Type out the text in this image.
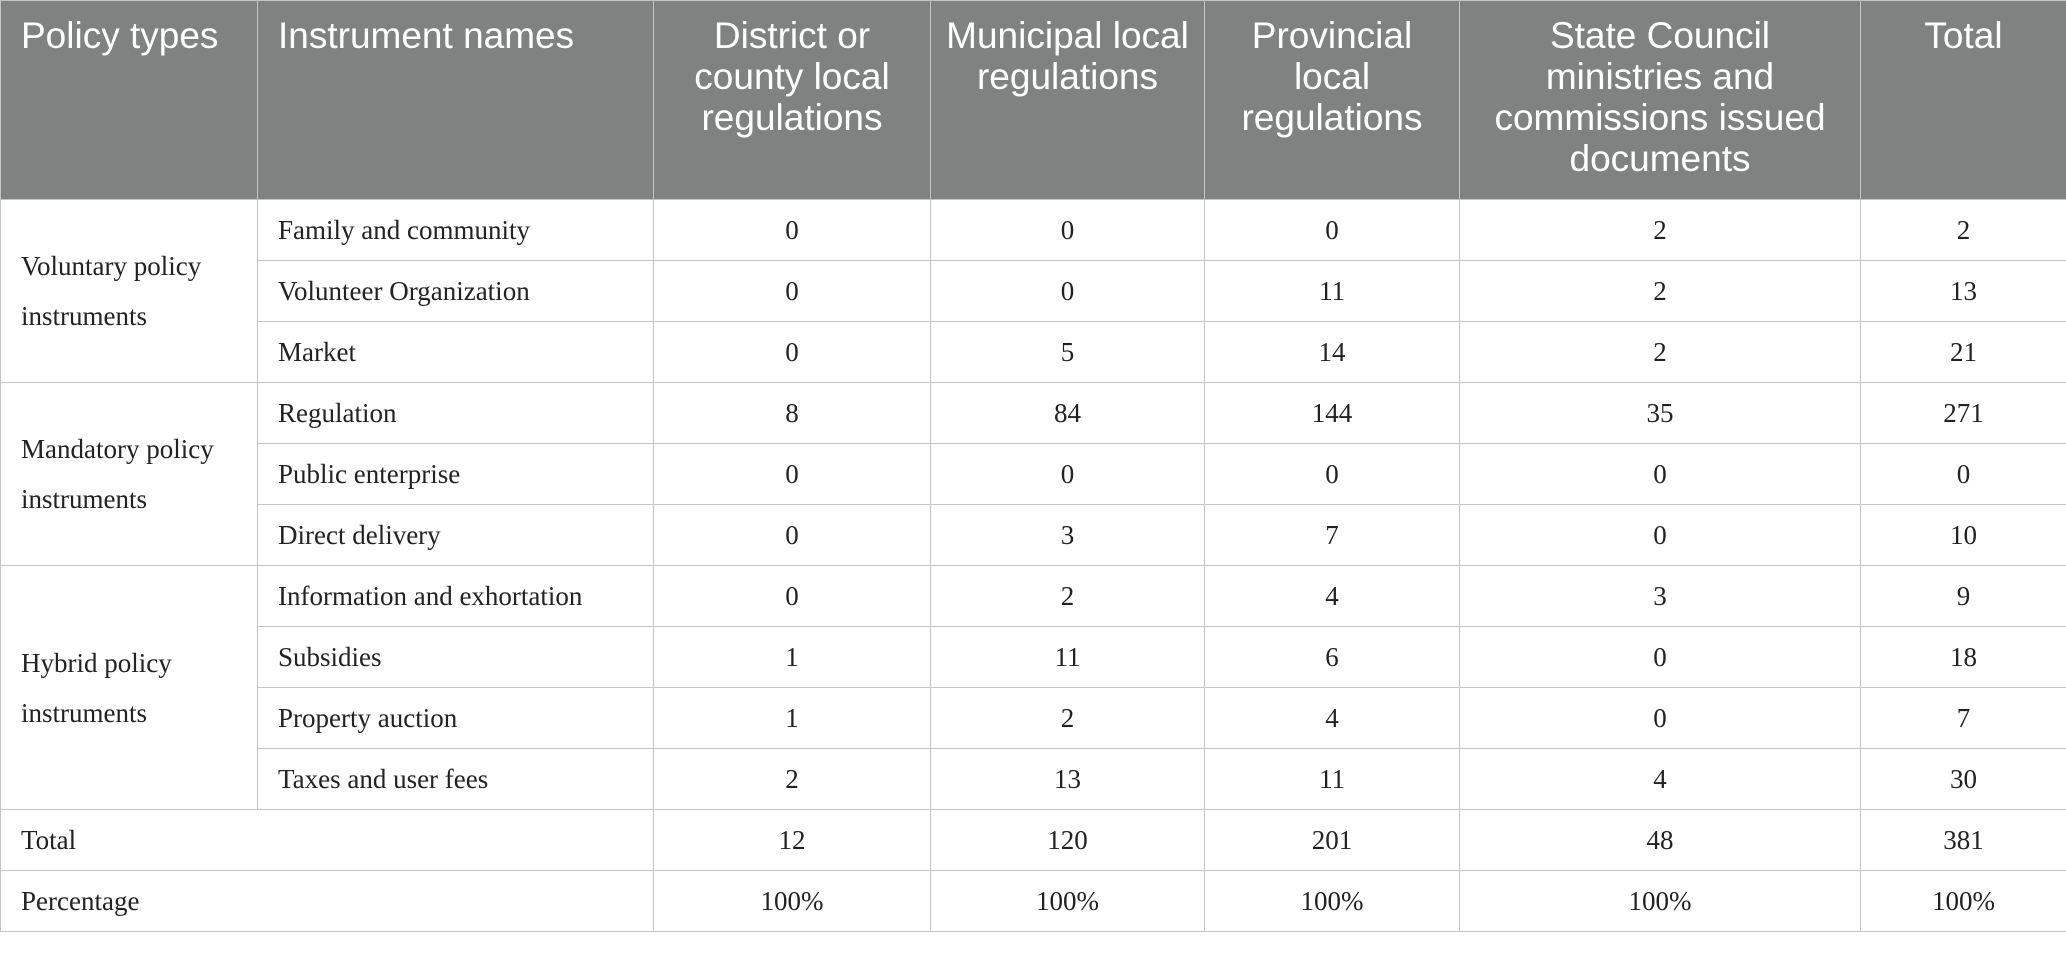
Policy types	Instrument names	District or county local regulations	Municipal local regulations	Provincial local regulations	State Council ministries and commissions issued documents	Total
Voluntary policy
instruments	Family and community	0	0	0	2	2
	Volunteer Organization	0	0	11	2	13
	Market	0	5	14	2	21
Mandatory policy
instruments	Regulation	8	84	144	35	271
	Public enterprise	0	0	0	0	0
	Direct delivery	0	3	7	0	10
Hybrid policy
instruments	Information and exhortation	0	2	4	3	9
	Subsidies	1	11	6	0	18
	Property auction	1	2	4	0	7
	Taxes and user fees	2	13	11	4	30
Total		12	120	201	48	381
Percentage		100%	100%	100%	100%	100%
